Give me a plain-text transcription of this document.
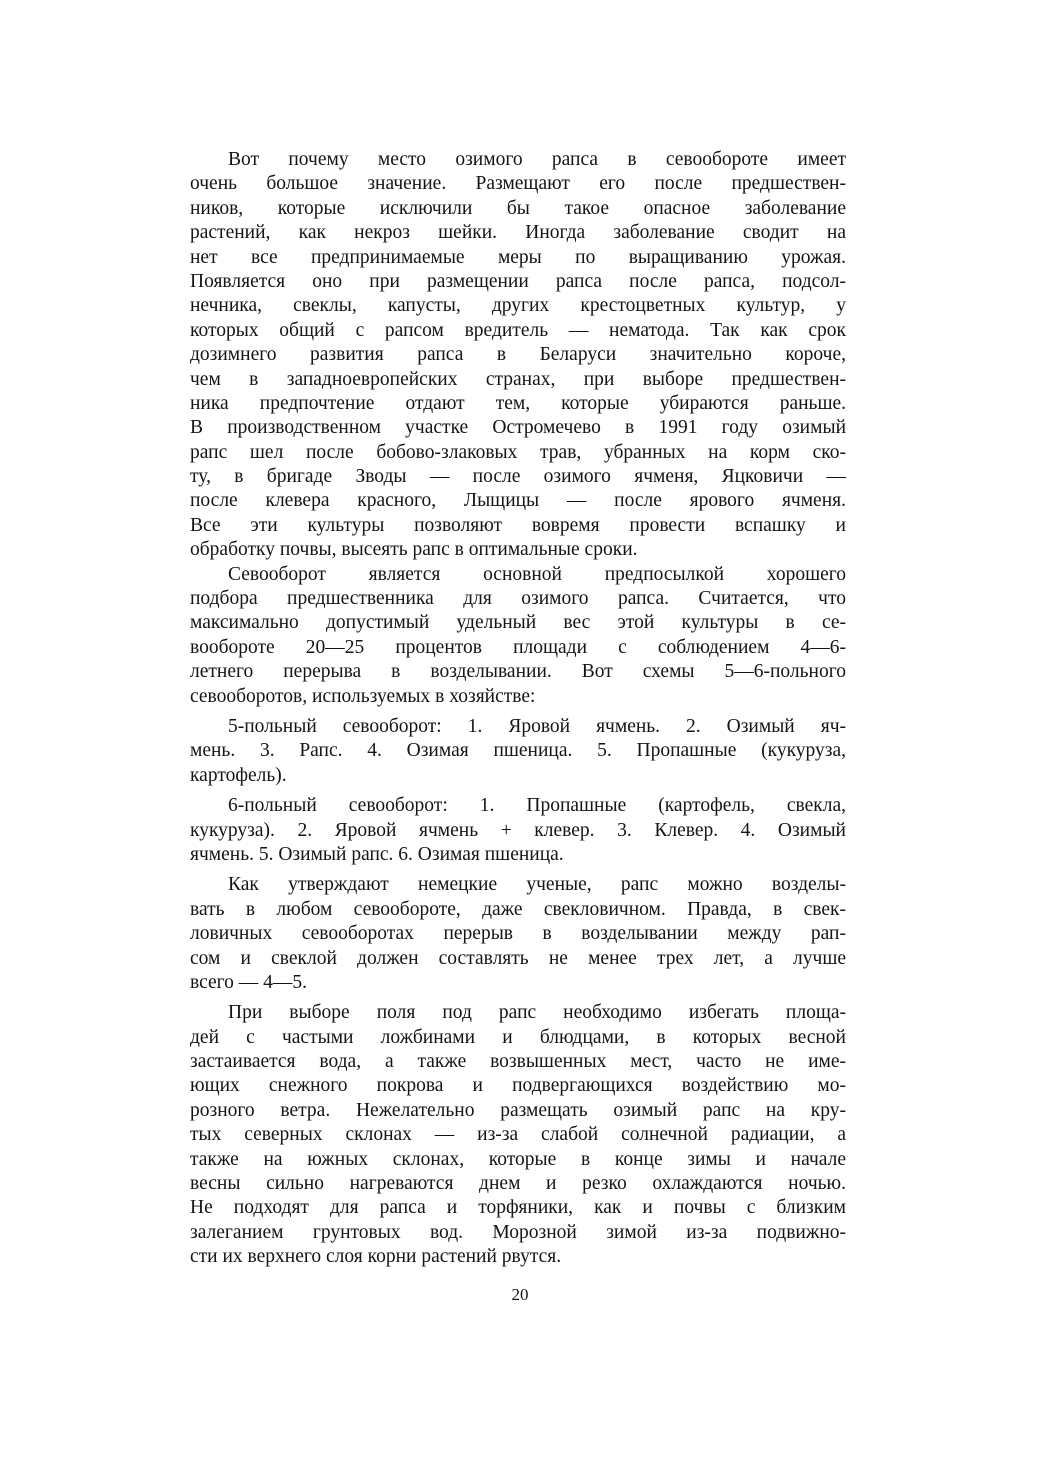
Вот почему место озимого рапса в севообороте имеет
очень большое значение. Размещают его после предшествен-
ников, которые исключили бы такое опасное заболевание
растений, как некроз шейки. Иногда заболевание сводит на
нет все предпринимаемые меры по выращиванию урожая.
Появляется оно при размещении рапса после рапса, подсол-
нечника, свеклы, капусты, других крестоцветных культур, у
которых общий с рапсом вредитель — нематода. Так как срок
дозимнего развития рапса в Беларуси значительно короче,
чем в западноевропейских странах, при выборе предшествен-
ника предпочтение отдают тем, которые убираются раньше.
В производственном участке Остромечево в 1991 году озимый
рапс шел после бобово-злаковых трав, убранных на корм ско-
ту, в бригаде Зводы — после озимого ячменя, Яцковичи —
после клевера красного, Лыщицы — после ярового ячменя.
Все эти культуры позволяют вовремя провести вспашку и
обработку почвы, высеять рапс в оптимальные сроки.
Севооборот является основной предпосылкой хорошего
подбора предшественника для озимого рапса. Считается, что
максимально допустимый удельный вес этой культуры в се-
вообороте 20—25 процентов площади с соблюдением 4—6-
летнего перерыва в возделывании. Вот схемы 5—6-польного
севооборотов, используемых в хозяйстве:
5-польный севооборот: 1. Яровой ячмень. 2. Озимый яч-
мень. 3. Рапс. 4. Озимая пшеница. 5. Пропашные (кукуруза,
картофель).
6-польный севооборот: 1. Пропашные (картофель, свекла,
кукуруза). 2. Яровой ячмень + клевер. 3. Клевер. 4. Озимый
ячмень. 5. Озимый рапс. 6. Озимая пшеница.
Как утверждают немецкие ученые, рапс можно возделы-
вать в любом севообороте, даже свекловичном. Правда, в свек-
ловичных севооборотах перерыв в возделывании между рап-
сом и свеклой должен составлять не менее трех лет, а лучше
всего — 4—5.
При выборе поля под рапс необходимо избегать площа-
дей с частыми ложбинами и блюдцами, в которых весной
застаивается вода, а также возвышенных мест, часто не име-
ющих снежного покрова и подвергающихся воздействию мо-
розного ветра. Нежелательно размещать озимый рапс на кру-
тых северных склонах — из-за слабой солнечной радиации, а
также на южных склонах, которые в конце зимы и начале
весны сильно нагреваются днем и резко охлаждаются ночью.
Не подходят для рапса и торфяники, как и почвы с близким
залеганием грунтовых вод. Морозной зимой из-за подвижно-
сти их верхнего слоя корни растений рвутся.
20
